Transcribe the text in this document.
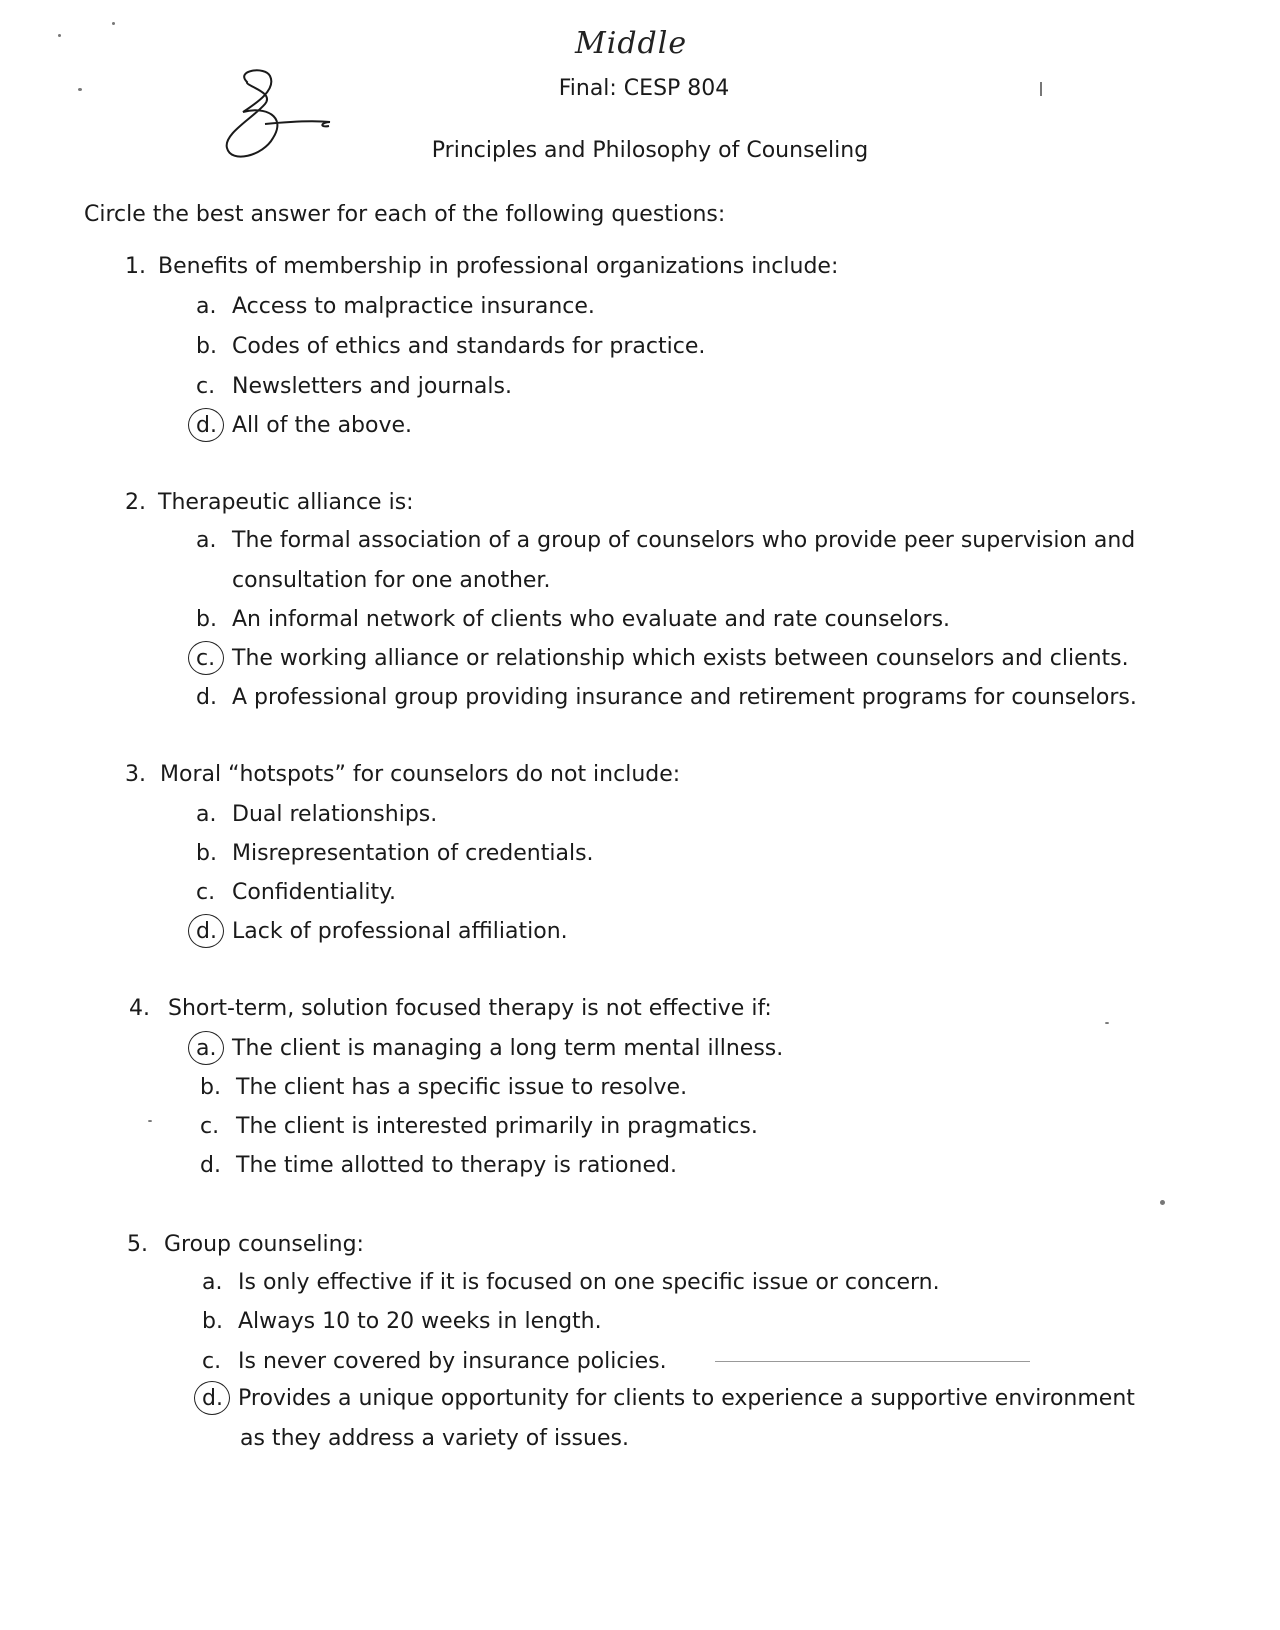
Middle
Final: CESP 804
Principles and Philosophy of Counseling
Circle the best answer for each of the following questions:
1. Benefits of membership in professional organizations include:
a. Access to malpractice insurance.
b. Codes of ethics and standards for practice.
c. Newsletters and journals.
d. All of the above.
2. Therapeutic alliance is:
a. The formal association of a group of counselors who provide peer supervision and
consultation for one another.
b. An informal network of clients who evaluate and rate counselors.
c. The working alliance or relationship which exists between counselors and clients.
d. A professional group providing insurance and retirement programs for counselors.
3. Moral “hotspots” for counselors do not include:
a. Dual relationships.
b. Misrepresentation of credentials.
c. Confidentiality.
d. Lack of professional affiliation.
4. Short-term, solution focused therapy is not effective if:
a. The client is managing a long term mental illness.
b. The client has a specific issue to resolve.
c. The client is interested primarily in pragmatics.
d. The time allotted to therapy is rationed.
5. Group counseling:
a. Is only effective if it is focused on one specific issue or concern.
b. Always 10 to 20 weeks in length.
c. Is never covered by insurance policies.
d. Provides a unique opportunity for clients to experience a supportive environment
as they address a variety of issues.
